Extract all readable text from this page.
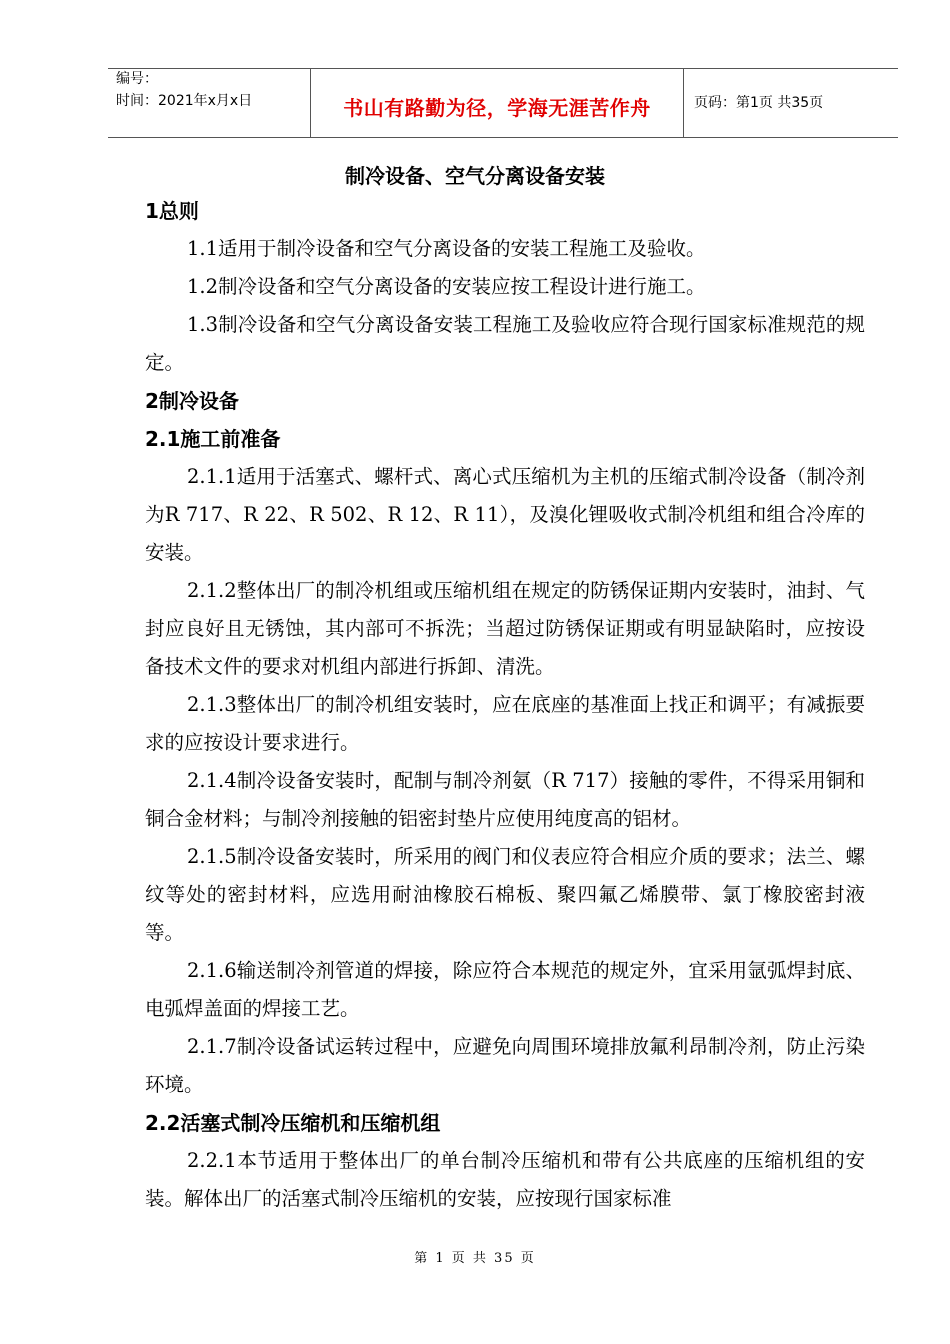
编号：
时间：2021年x月x日	书山有路勤为径，学海无涯苦作舟	页码：第1页 共35页
制冷设备、空气分离设备安装
1总则
1.1适用于制冷设备和空气分离设备的安装工程施工及验收。
1.2制冷设备和空气分离设备的安装应按工程设计进行施工。
1.3制冷设备和空气分离设备安装工程施工及验收应符合现行国家标准规范的规定。
2制冷设备
2.1施工前准备
2.1.1适用于活塞式、螺杆式、离心式压缩机为主机的压缩式制冷设备（制冷剂为R 717、R 22、R 502、R 12、R 11），及溴化锂吸收式制冷机组和组合冷库的安装。
2.1.2整体出厂的制冷机组或压缩机组在规定的防锈保证期内安装时，油封、气封应良好且无锈蚀，其内部可不拆洗；当超过防锈保证期或有明显缺陷时，应按设备技术文件的要求对机组内部进行拆卸、清洗。
2.1.3整体出厂的制冷机组安装时，应在底座的基准面上找正和调平；有减振要求的应按设计要求进行。
2.1.4制冷设备安装时，配制与制冷剂氨（R 717）接触的零件，不得采用铜和铜合金材料；与制冷剂接触的铝密封垫片应使用纯度高的铝材。
2.1.5制冷设备安装时，所采用的阀门和仪表应符合相应介质的要求；法兰、螺纹等处的密封材料，应选用耐油橡胶石棉板、聚四氟乙烯膜带、氯丁橡胶密封液等。
2.1.6输送制冷剂管道的焊接，除应符合本规范的规定外，宜采用氩弧焊封底、电弧焊盖面的焊接工艺。
2.1.7制冷设备试运转过程中，应避免向周围环境排放氟利昂制冷剂，防止污染环境。
2.2活塞式制冷压缩机和压缩机组
2.2.1本节适用于整体出厂的单台制冷压缩机和带有公共底座的压缩机组的安装。解体出厂的活塞式制冷压缩机的安装，应按现行国家标准
第 1 页 共 35 页
